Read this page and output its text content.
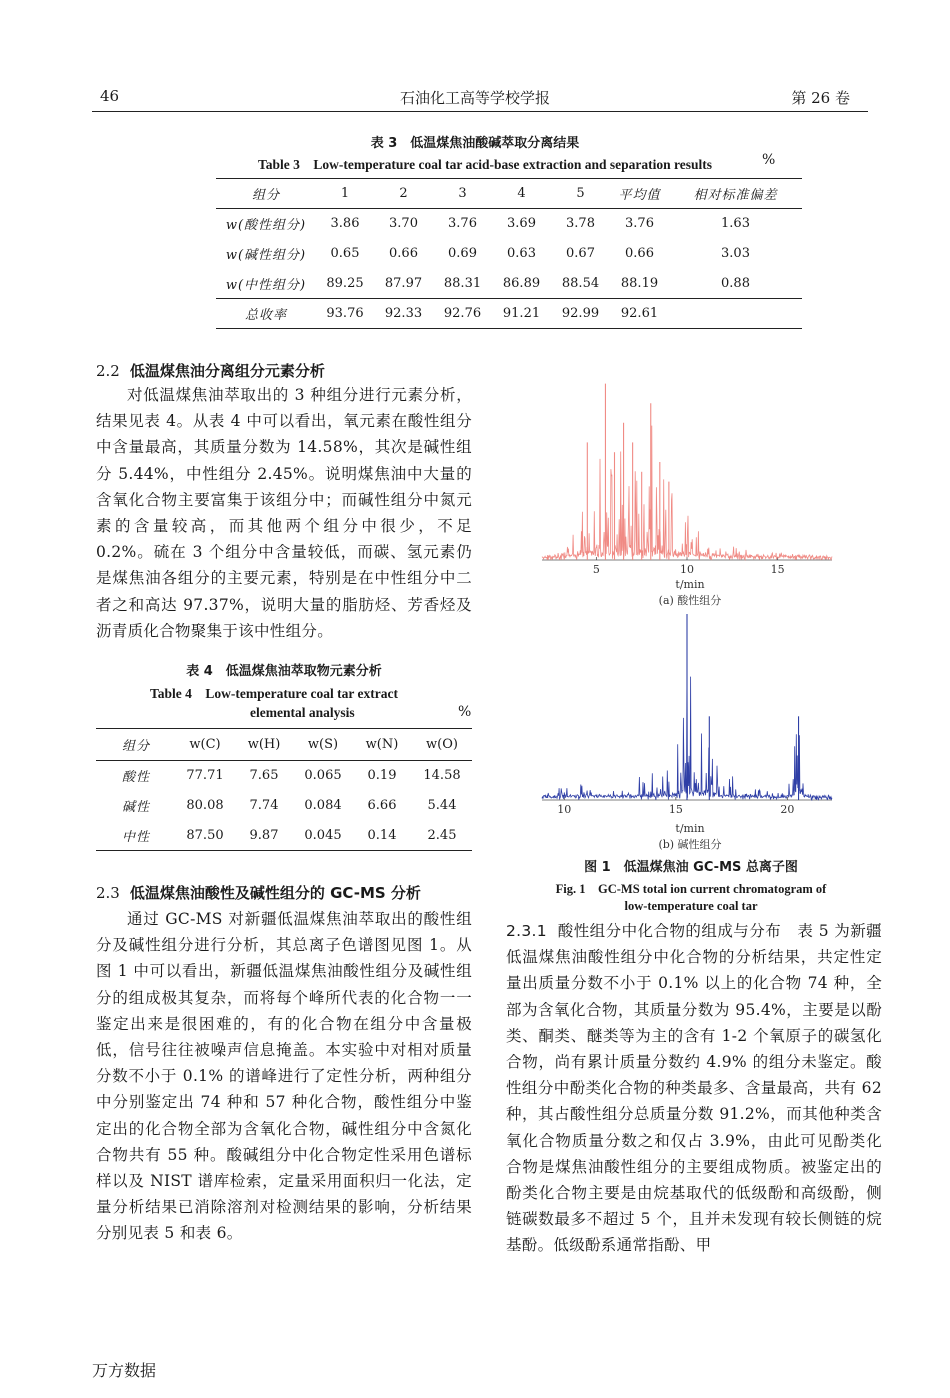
46	石油化工高等学校学报	第 26 卷
表 3　低温煤焦油酸碱萃取分离结果
Table 3　Low-temperature coal tar acid-base extraction and separation results	%
组分	1	2	3	4	5	平均值	相对标准偏差
w(酸性组分)	3.86	3.70	3.76	3.69	3.78	3.76	1.63
w(碱性组分)	0.65	0.66	0.69	0.63	0.67	0.66	3.03
w(中性组分)	89.25	87.97	88.31	86.89	88.54	88.19	0.88
总收率	93.76	92.33	92.76	91.21	92.99	92.61	
2.2 低温煤焦油分离组分元素分析
对低温煤焦油萃取出的 3 种组分进行元素分析，结果见表 4。从表 4 中可以看出，氧元素在酸性组分中含量最高，其质量分数为 14.58%，其次是碱性组分 5.44%，中性组分 2.45%。说明煤焦油中大量的含氧化合物主要富集于该组分中；而碱性组分中氮元素的含量较高，而其他两个组分中很少，不足 0.2%。硫在 3 个组分中含量较低，而碳、氢元素仍是煤焦油各组分的主要元素，特别是在中性组分中二者之和高达 97.37%，说明大量的脂肪烃、芳香烃及沥青质化合物聚集于该中性组分。
表 4　低温煤焦油萃取物元素分析
Table 4　Low-temperature coal tar extract
elemental analysis	%
组分	w(C)	w(H)	w(S)	w(N)	w(O)
酸性	77.71	7.65	0.065	0.19	14.58
碱性	80.08	7.74	0.084	6.66	5.44
中性	87.50	9.87	0.045	0.14	2.45
2.3 低温煤焦油酸性及碱性组分的 GC-MS 分析
通过 GC-MS 对新疆低温煤焦油萃取出的酸性组分及碱性组分进行分析，其总离子色谱图见图 1。从图 1 中可以看出，新疆低温煤焦油酸性组分及碱性组分的组成极其复杂，而将每个峰所代表的化合物一一鉴定出来是很困难的，有的化合物在组分中含量极低，信号往往被噪声信息掩盖。本实验中对相对质量分数不小于 0.1% 的谱峰进行了定性分析，两种组分中分别鉴定出 74 种和 57 种化合物，酸性组分中鉴定出的化合物全部为含氧化合物，碱性组分中含氮化合物共有 55 种。酸碱组分中化合物定性采用色谱标样以及 NIST 谱库检索，定量采用面积归一化法，定量分析结果已消除溶剂对检测结果的影响，分析结果分别见表 5 和表 6。
5	10	15
t/min
(a) 酸性组分
10	15	20
t/min
(b) 碱性组分
图 1　低温煤焦油 GC-MS 总离子图
Fig. 1　GC-MS total ion current chromatogram of
low-temperature coal tar
2.3.1 酸性组分中化合物的组成与分布 表 5 为新疆低温煤焦油酸性组分中化合物的分析结果，共定性定量出质量分数不小于 0.1% 以上的化合物 74 种，全部为含氧化合物，其质量分数为 95.4%，主要是以酚类、酮类、醚类等为主的含有 1-2 个氧原子的碳氢化合物，尚有累计质量分数约 4.9% 的组分未鉴定。酸性组分中酚类化合物的种类最多、含量最高，共有 62 种，其占酸性组分总质量分数 91.2%，而其他种类含氧化合物质量分数之和仅占 3.9%，由此可见酚类化合物是煤焦油酸性组分的主要组成物质。被鉴定出的酚类化合物主要是由烷基取代的低级酚和高级酚，侧链碳数最多不超过 5 个，且并未发现有较长侧链的烷基酚。低级酚系通常指酚、甲
万方数据
